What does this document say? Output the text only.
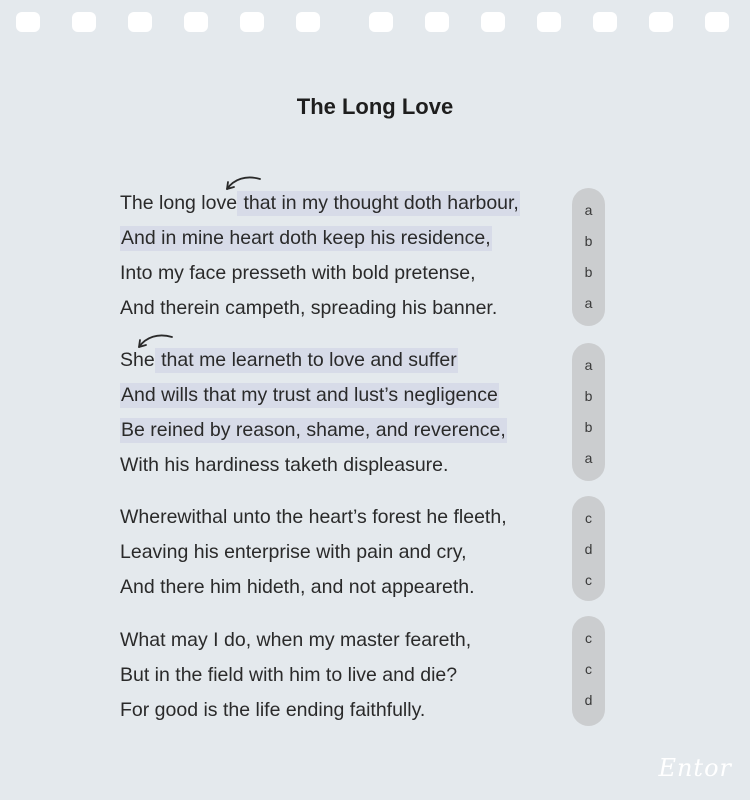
The Long Love
The long love that in my thought doth harbour,
And in mine heart doth keep his residence,
Into my face presseth with bold pretense,
And therein campeth, spreading his banner.
She that me learneth to love and suffer
And wills that my trust and lust’s negligence
Be reined by reason, shame, and reverence,
With his hardiness taketh displeasure.
Wherewithal unto the heart’s forest he fleeth,
Leaving his enterprise with pain and cry,
And there him hideth, and not appeareth.
What may I do, when my master feareth,
But in the field with him to live and die?
For good is the life ending faithfully.
a
b
b
a
a
b
b
a
c
d
c
c
c
d
Entor
